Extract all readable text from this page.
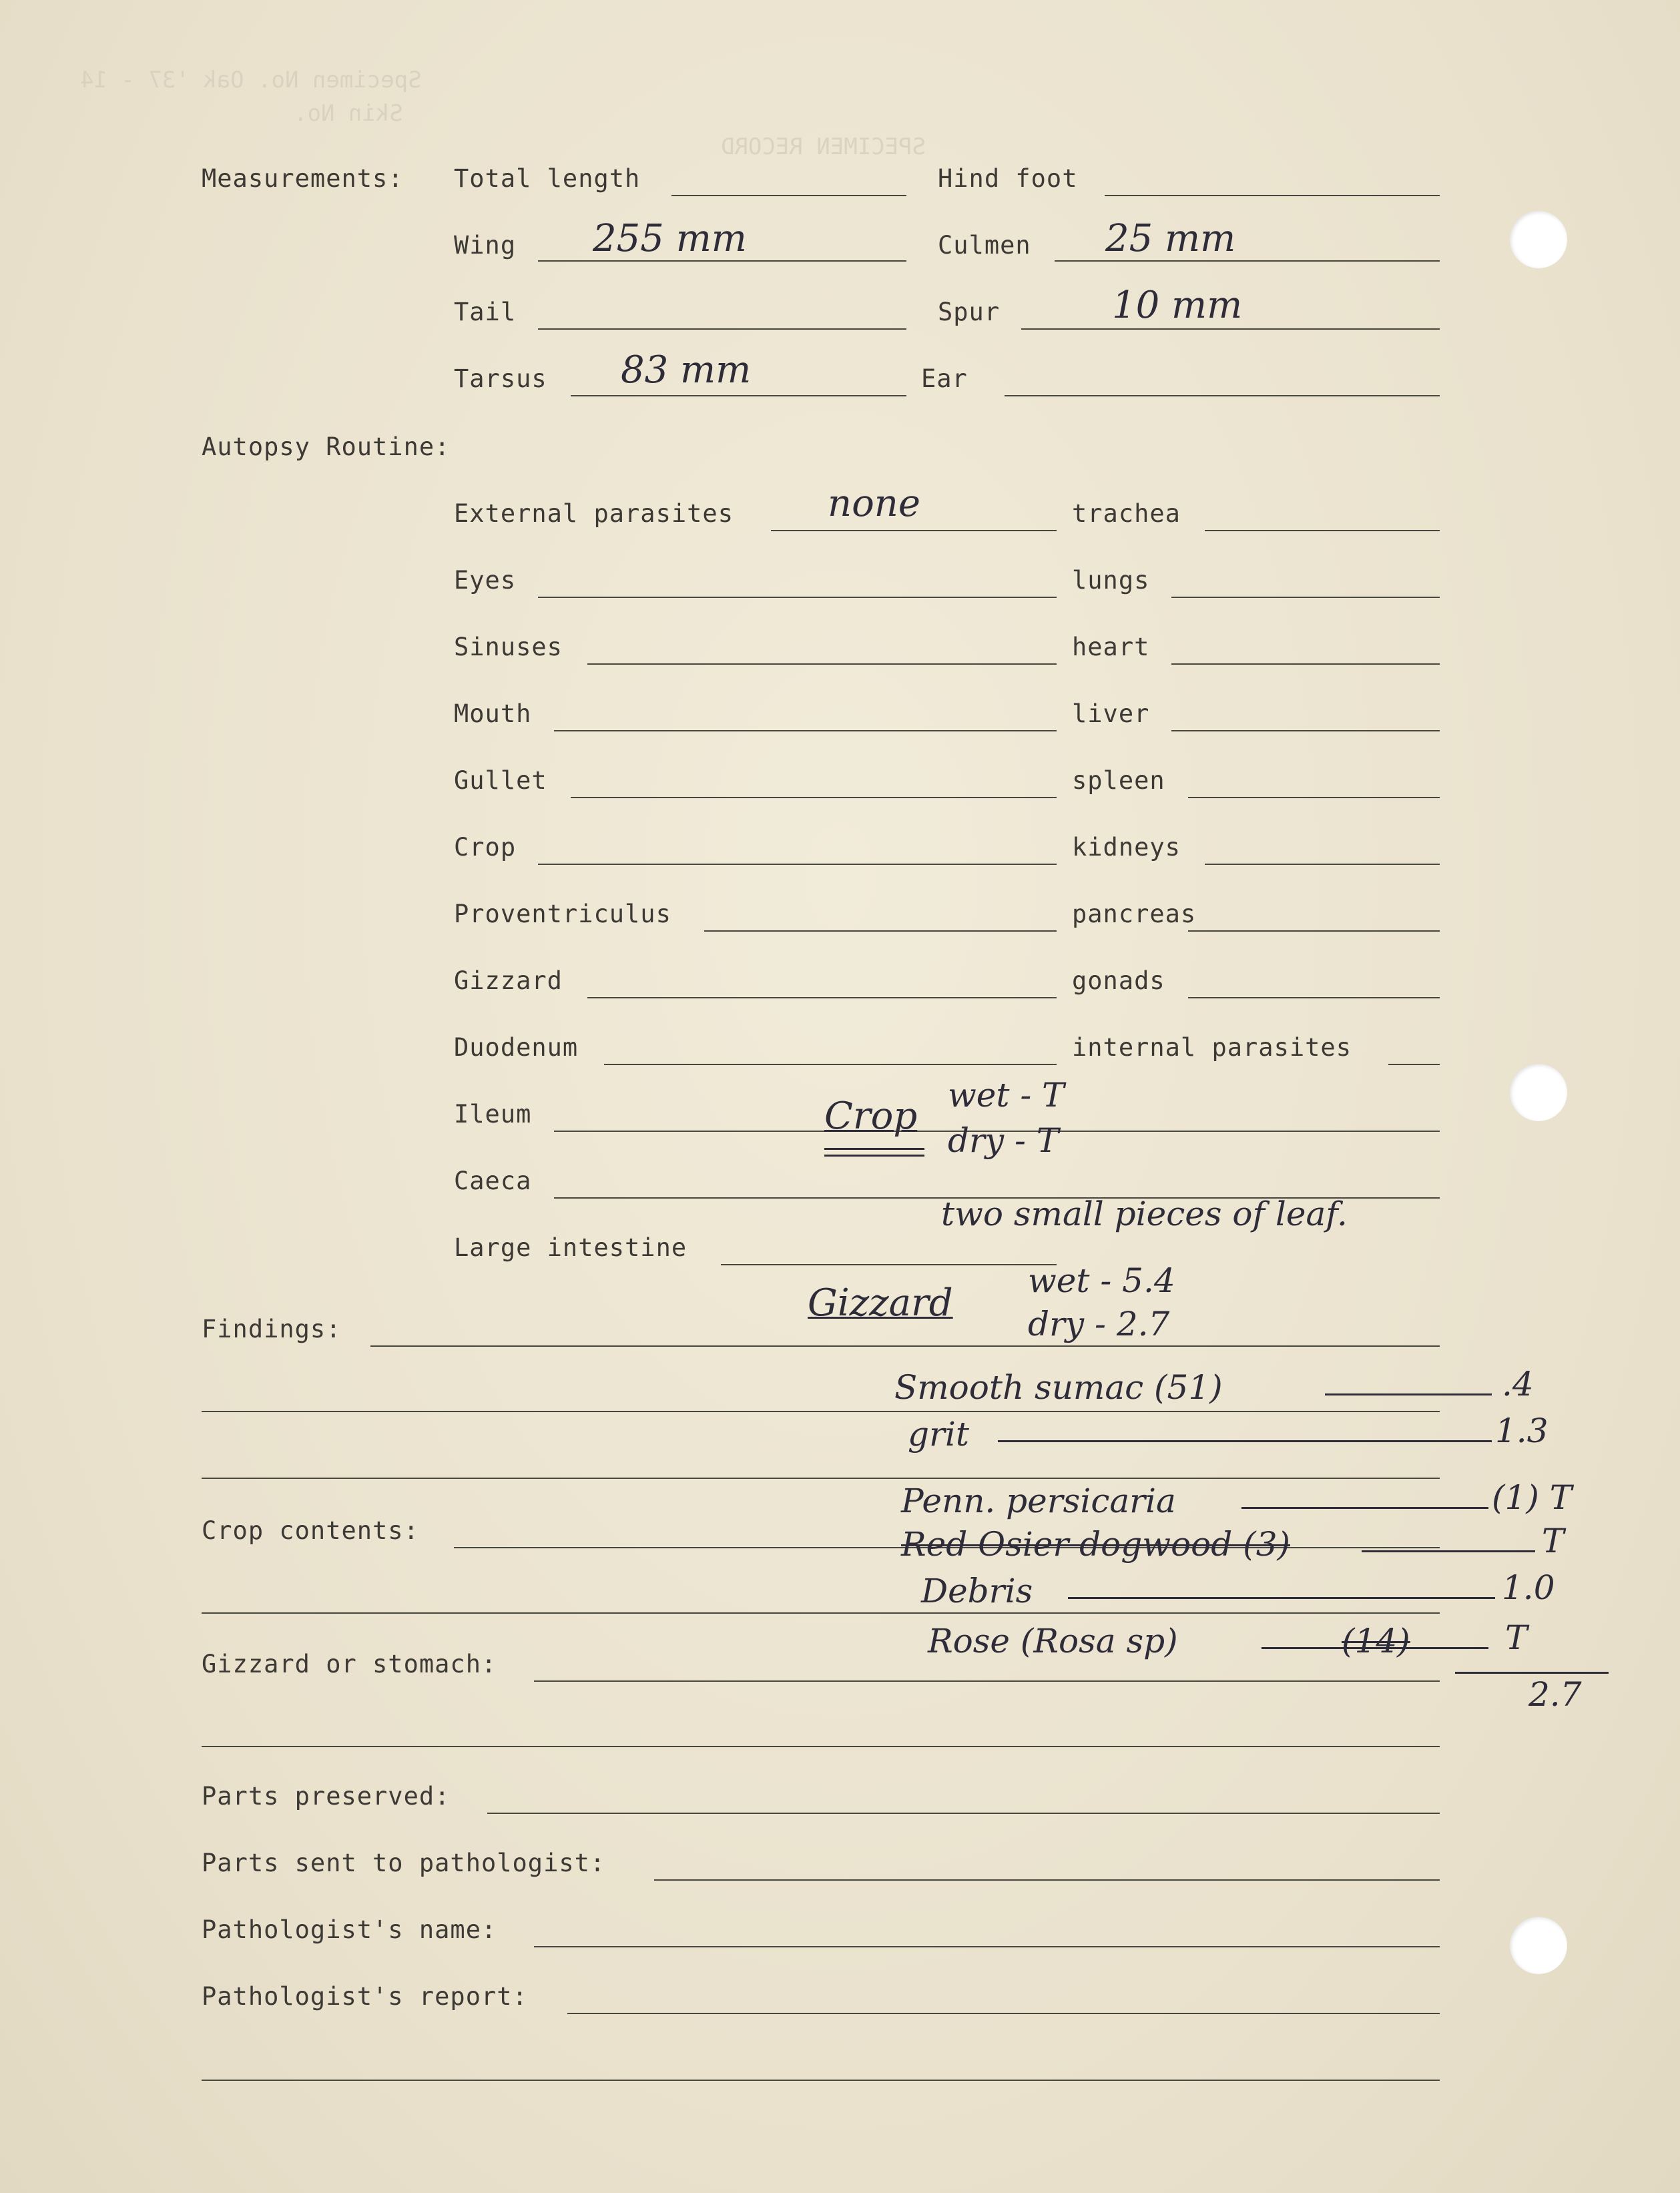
Specimen No. Oak '37 - 14
Skin No.
SPECIMEN RECORD
Measurements: Total length	Hind foot
Wing 255 mm	Culmen 25 mm
Tail	Spur	10 mm
Tarsus 83 mm	Ear
Autopsy Routine:
External parasites	none	trachea
Eyes	lungs
Sinuses	heart
Mouth	liver
Gullet	spleen
Crop	kidneys
Proventriculus	pancreas
Gizzard	gonads
Duodenum	internal parasites
Ileum
Caeca
Large intestine
Crop wet - T
dry - T
two small pieces of leaf.
Findings:
Gizzard
wet - 5.4
dry - 2.7
Crop contents:
Gizzard or stomach:
Smooth sumac (51)	.4
grit	1.3
Penn. persicaria	(1) T
Red Osier dogwood (3)	T
Debris	1.0
Rose (Rosa sp)	(14)	T
2.7
Parts preserved:
Parts sent to pathologist:
Pathologist's name:
Pathologist's report:
